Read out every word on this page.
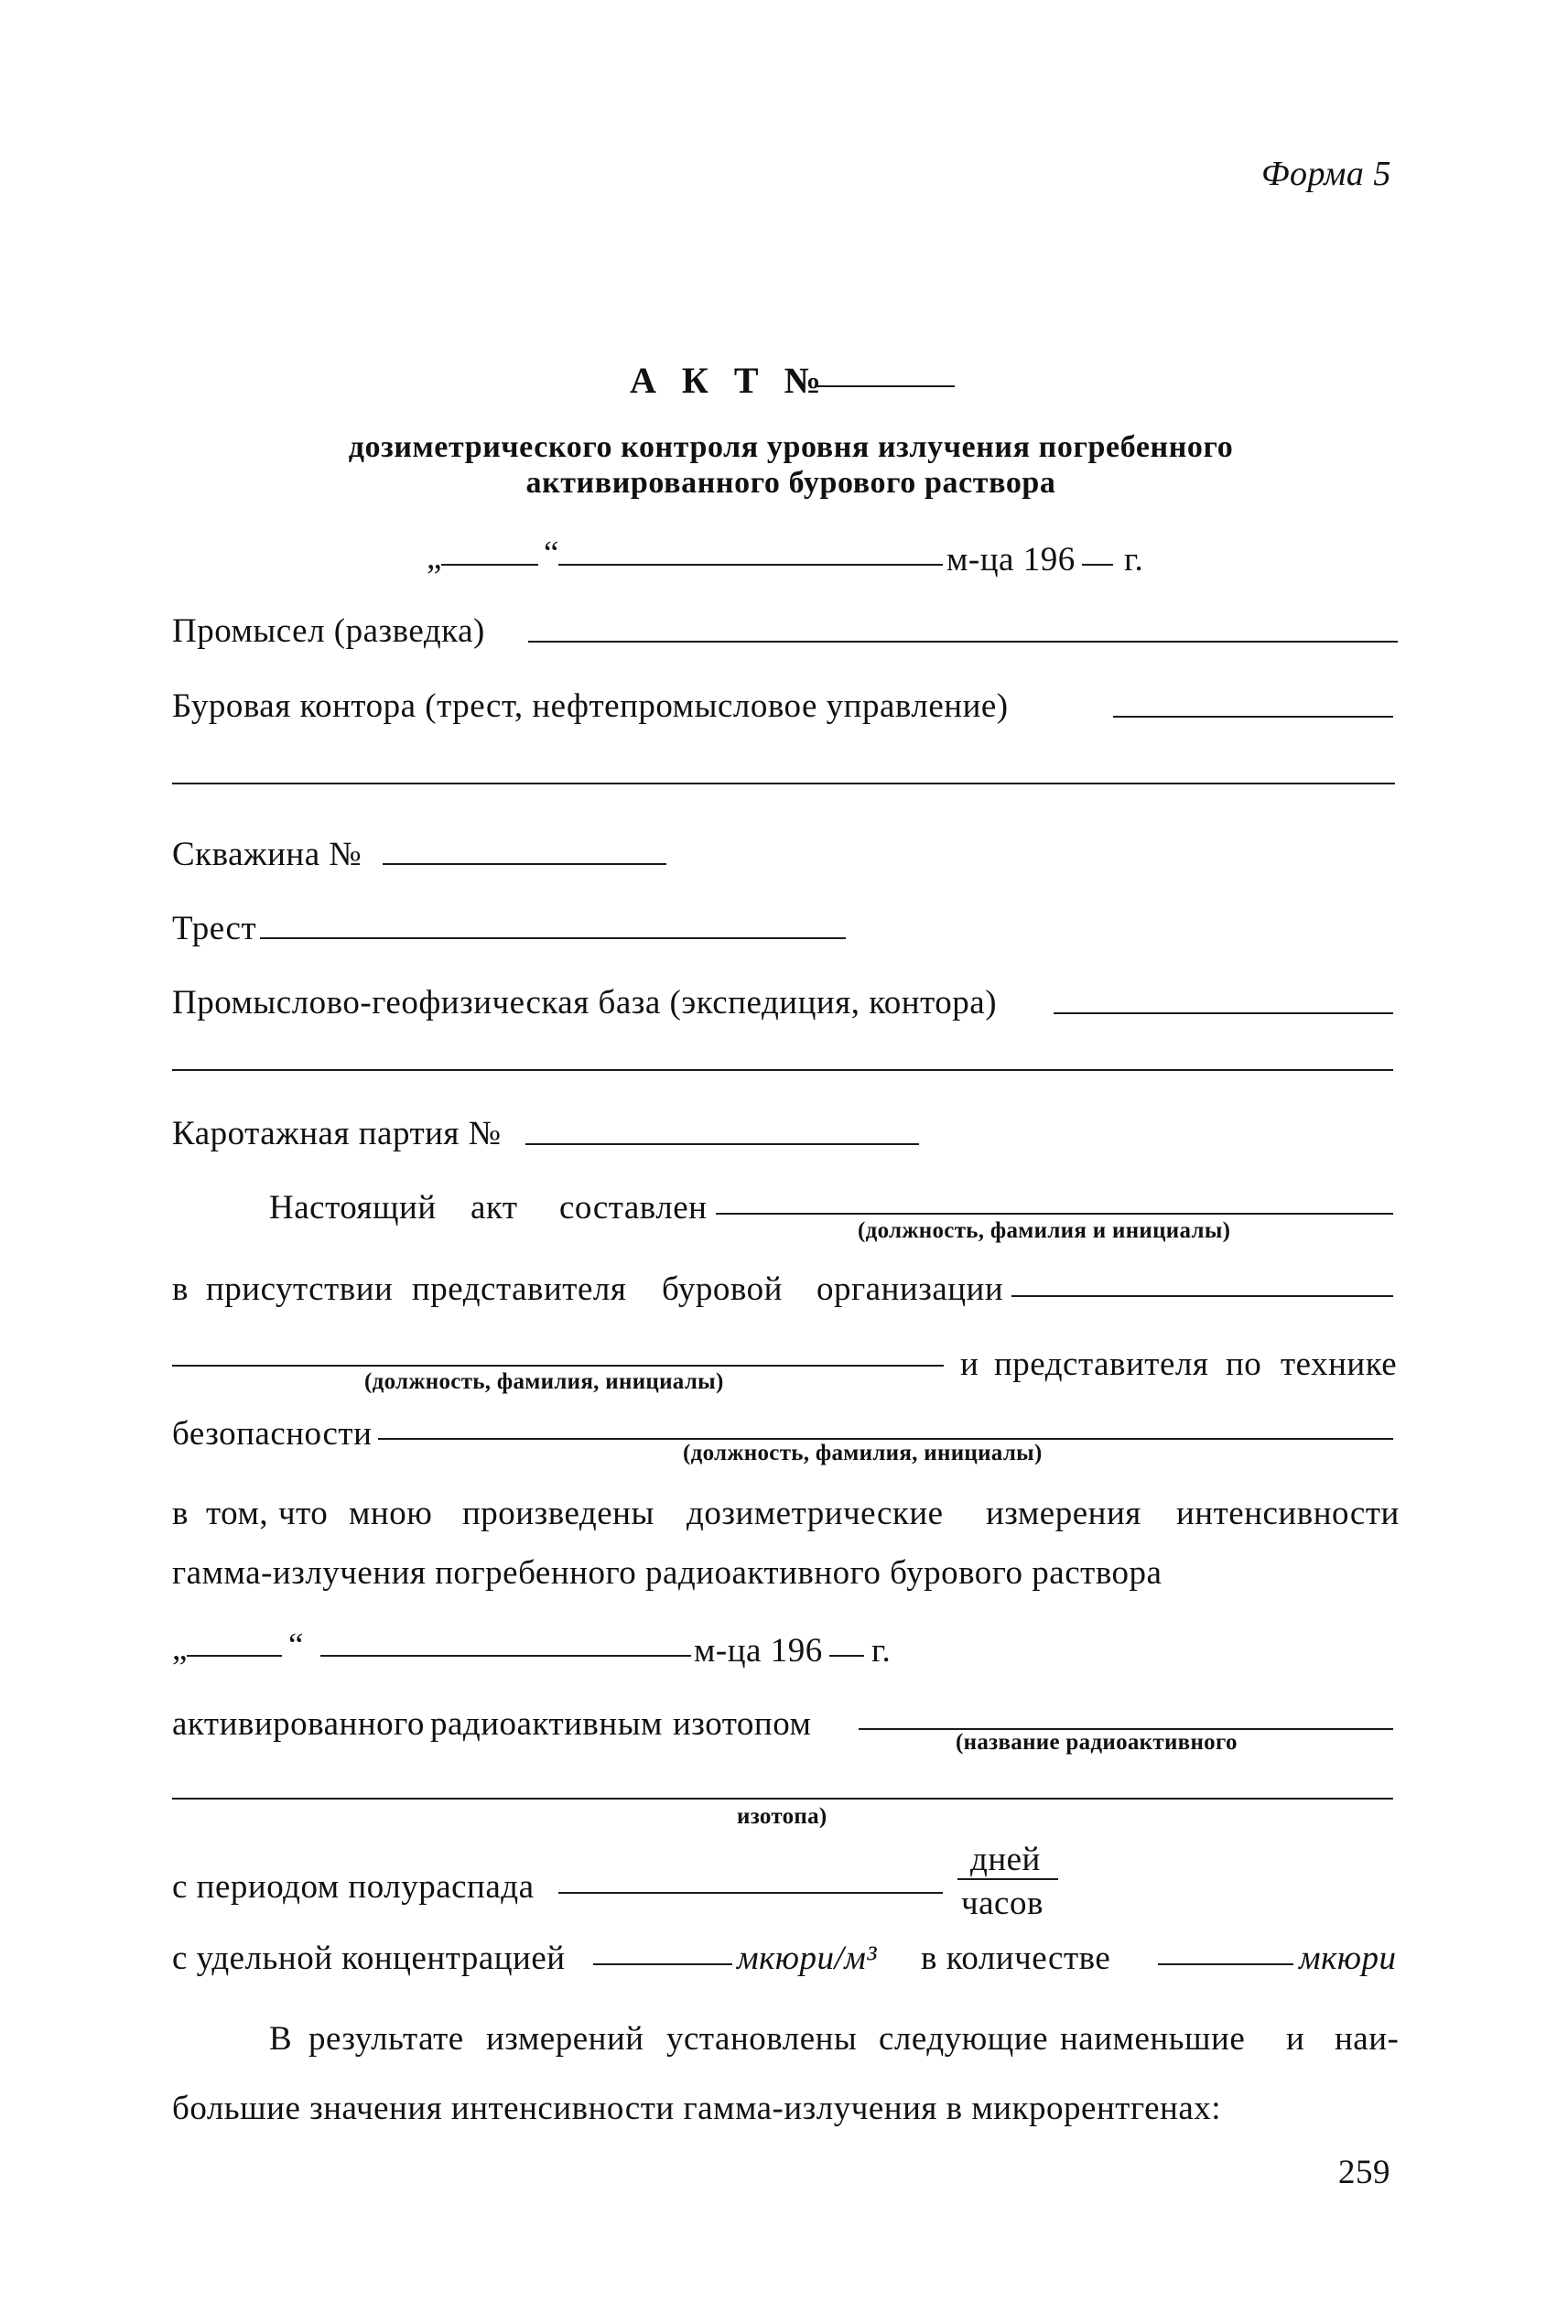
Форма 5
А К Т №
дозиметрического контроля уровня излучения погребенного
активированного бурового раствора
„	“	м-ца 196 г.
Промысел (разведка)
Буровая контора (трест, нефтепромысловое управление)
Скважина №
Трест
Промыслово-геофизическая база (экспедиция, контора)
Каротажная партия №
Настоящий акт составлен
(должность, фамилия и инициалы)
в присутствии представителя буровой организации
(должность, фамилия, инициалы)	и представителя по технике
безопасности
(должность, фамилия, инициалы)
в том, что мною произведены дозиметрические измерения интенсивности
гамма-излучения погребенного радиоактивного бурового раствора
„	“	м-ца 196 г.
активированного радиоактивным изотопом	(название радиоактивного
изотопа)
с периодом полураспада
дней
часов
с удельной концентрацией	мкюри/м³ в количестве	мкюри
В результате измерений установлены следующие наименьшие и наи-
большие значения интенсивности гамма-излучения в микрорентгенах:
259
